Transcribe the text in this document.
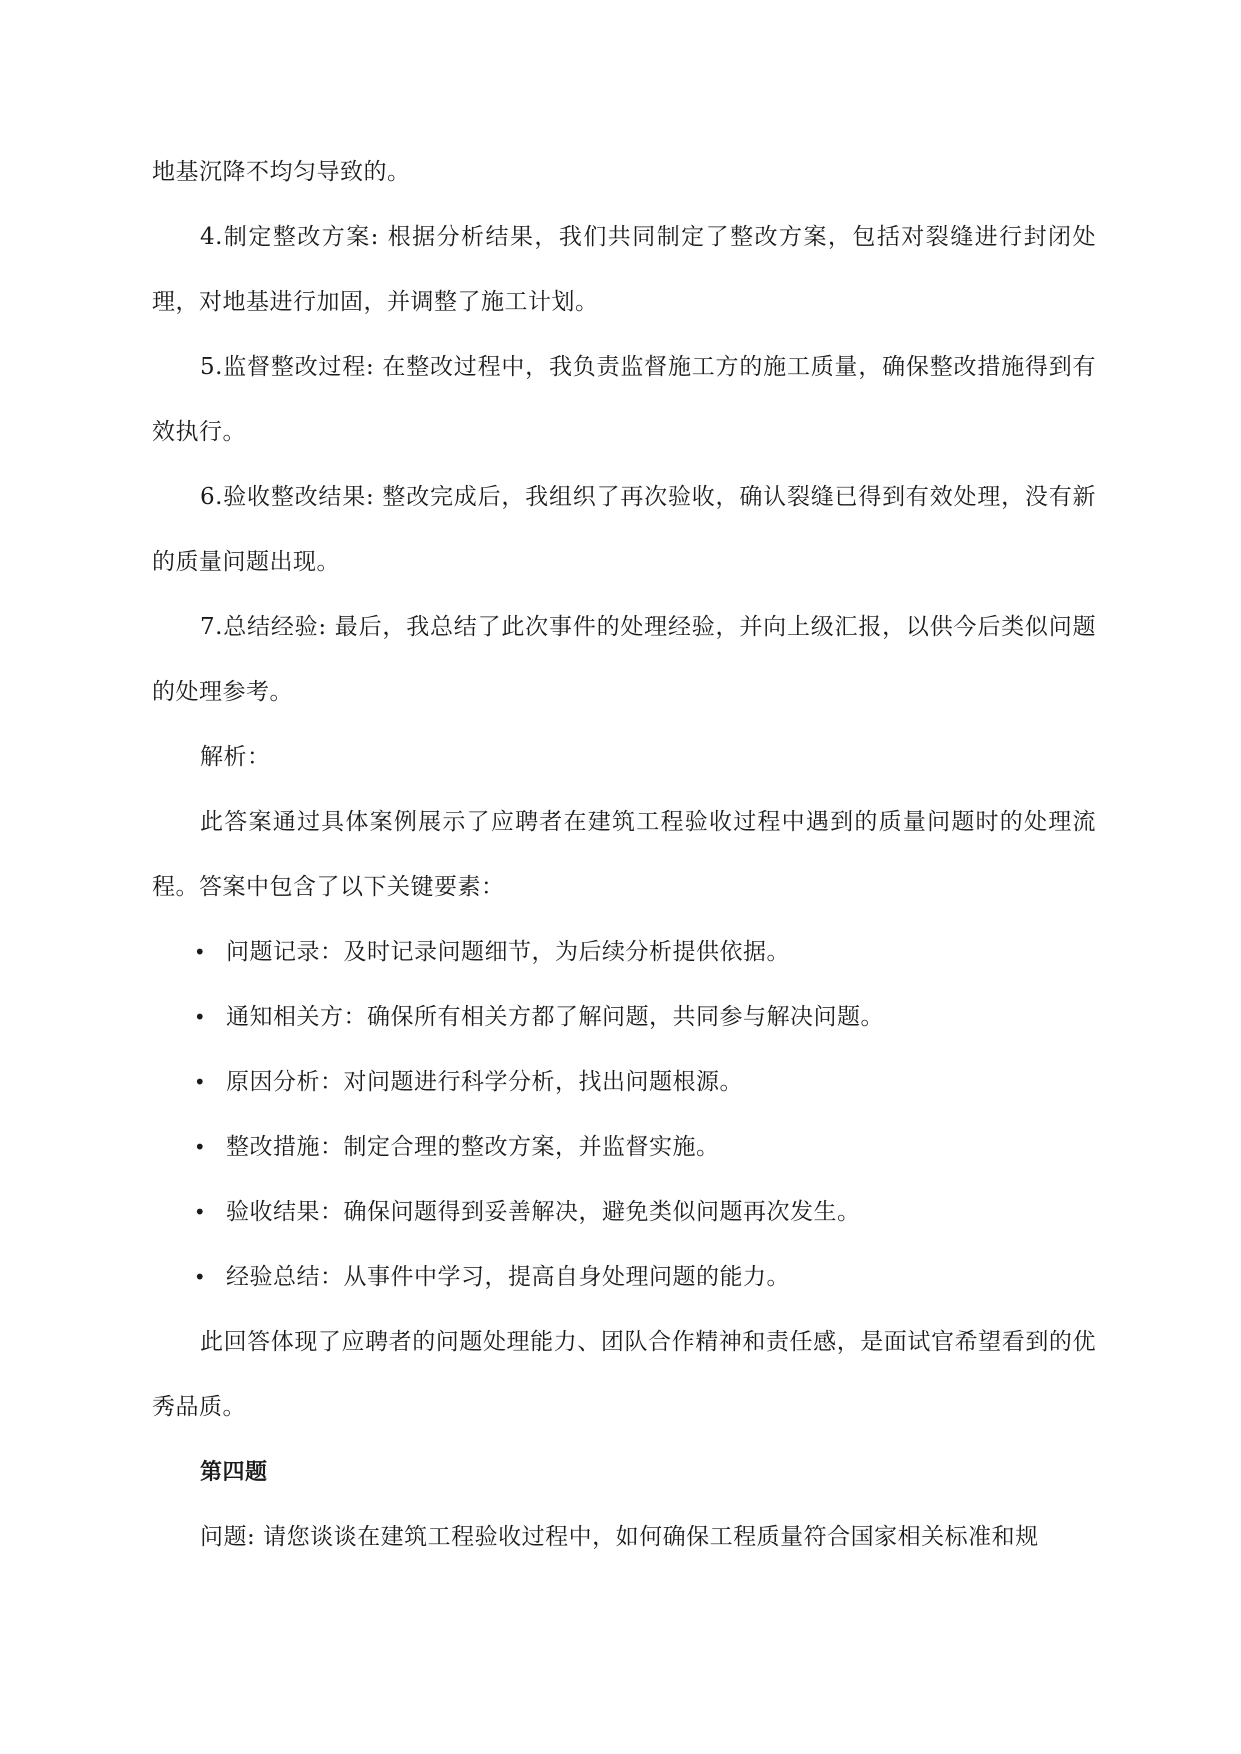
地基沉降不均匀导致的。

4.制定整改方案: 根据分析结果，我们共同制定了整改方案，包括对裂缝进行封闭处理，对地基进行加固，并调整了施工计划。

5.监督整改过程: 在整改过程中，我负责监督施工方的施工质量，确保整改措施得到有效执行。

6.验收整改结果: 整改完成后，我组织了再次验收，确认裂缝已得到有效处理，没有新的质量问题出现。

7.总结经验: 最后，我总结了此次事件的处理经验，并向上级汇报，以供今后类似问题的处理参考。

解析：

此答案通过具体案例展示了应聘者在建筑工程验收过程中遇到的质量问题时的处理流程。答案中包含了以下关键要素：

• 问题记录：及时记录问题细节，为后续分析提供依据。
• 通知相关方：确保所有相关方都了解问题，共同参与解决问题。
• 原因分析：对问题进行科学分析，找出问题根源。
• 整改措施：制定合理的整改方案，并监督实施。
• 验收结果：确保问题得到妥善解决，避免类似问题再次发生。
• 经验总结：从事件中学习，提高自身处理问题的能力。

此回答体现了应聘者的问题处理能力、团队合作精神和责任感，是面试官希望看到的优秀品质。

第四题

问题: 请您谈谈在建筑工程验收过程中，如何确保工程质量符合国家相关标准和规
